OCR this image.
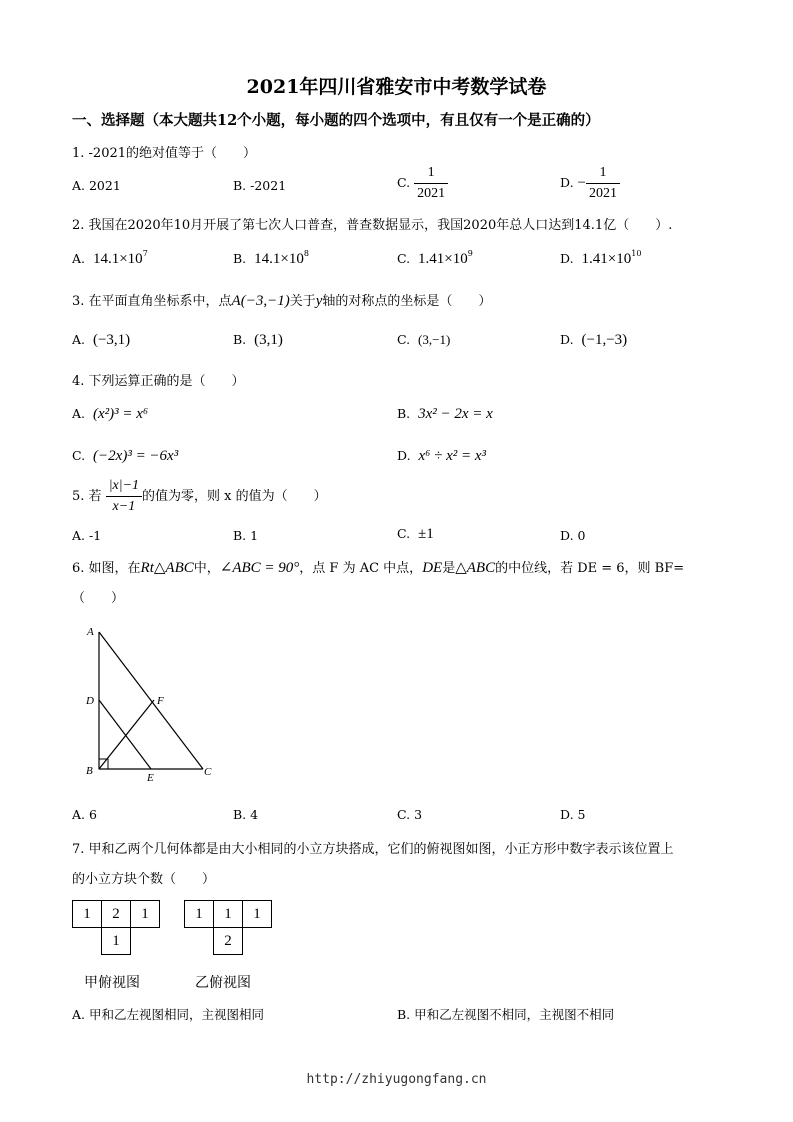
2021年四川省雅安市中考数学试卷
一、选择题（本大题共12个小题，每小题的四个选项中，有且仅有一个是正确的）
1. -2021的绝对值等于（　　）
A. 2021	B. -2021	C. $\frac{1}{2021}$	D. − $\frac{1}{2021}$
2. 我国在2020年10月开展了第七次人口普查，普查数据显示，我国2020年总人口达到14.1亿（　　）.
A. $14.1\times 10^7$	B. $14.1\times 10^8$	C. $1.41\times 10^9$	D. $1.41\times 10^{10}$
3. 在平面直角坐标系中，点A(−3,−1)关于y轴的对称点的坐标是（　　）
A. (−3,1)	B. (3,1)	C. (3,−1)	D. (−1,−3)
4. 下列运算正确的是（　　）
A. (x²)³ = x⁶	B. 3x² − 2x = x
C. (−2x)³ = −6x³	D. x⁶ ÷ x² = x³
5. 若 $\frac{|x|-1}{x-1}$ 的值为零，则 x 的值为（　　）
A. -1	B. 1	C. ±1	D. 0
6. 如图，在Rt△ABC中，∠ABC = 90°，点 F 为 AC 中点，DE是△ABC的中位线，若 DE = 6，则 BF=
（　　）
A
D	F
B
E	C
A. 6	B. 4	C. 3	D. 5
7. 甲和乙两个几何体都是由大小相同的小立方块搭成，它们的俯视图如图，小正方形中数字表示该位置上
的小立方块个数（　　）
1	2	1
	1	
1	1	1
	2	
甲俯视图	乙俯视图
A. 甲和乙左视图相同，主视图相同	B. 甲和乙左视图不相同，主视图不相同
http://zhiyugongfang.cn
